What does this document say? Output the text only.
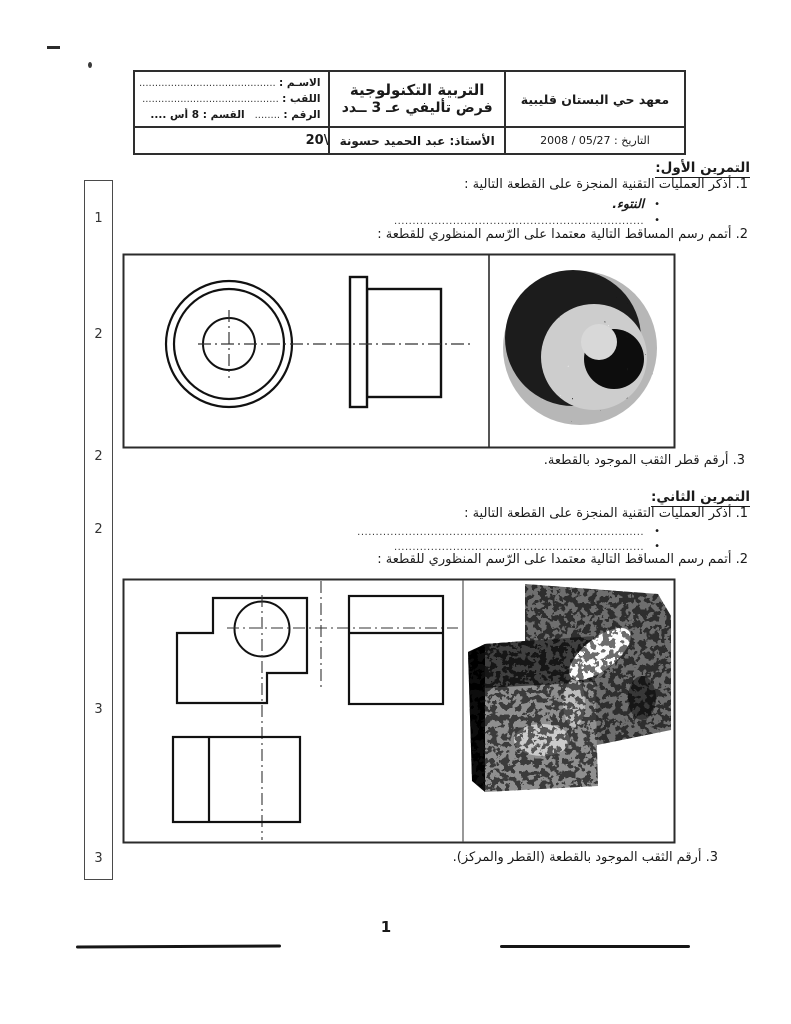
معهد حي البستان قليبية
التاريخ :

2008 / 05/27
التربية التكنولوجية
فرض تأليفي عـ 3 ــدد
الأستاذ: عبد الحميد حسونة
الاسـم : ...........................................
اللقب : ...........................................
الرقم : ........   القسم : 8 أس ....
20\
1
2
2
2
3
3
التمرين الأول:
1. أذكر العمليات التقنية المنجزة على القطعة التالية :
• النتوء.
• ....................................................................
2. أتمم رسم المساقط التالية معتمدا على الرّسم المنظوري للقطعة :
3. أرقم قطر الثقب الموجود بالقطعة.
التمرين الثاني:
1. أذكر العمليات التقنية المنجزة على القطعة التالية :
• ..............................................................................
• ....................................................................
2. أتمم رسم المساقط التالية معتمدا على الرّسم المنظوري للقطعة :
3. أرقم الثقب الموجود بالقطعة (القطر والمركز).
1
